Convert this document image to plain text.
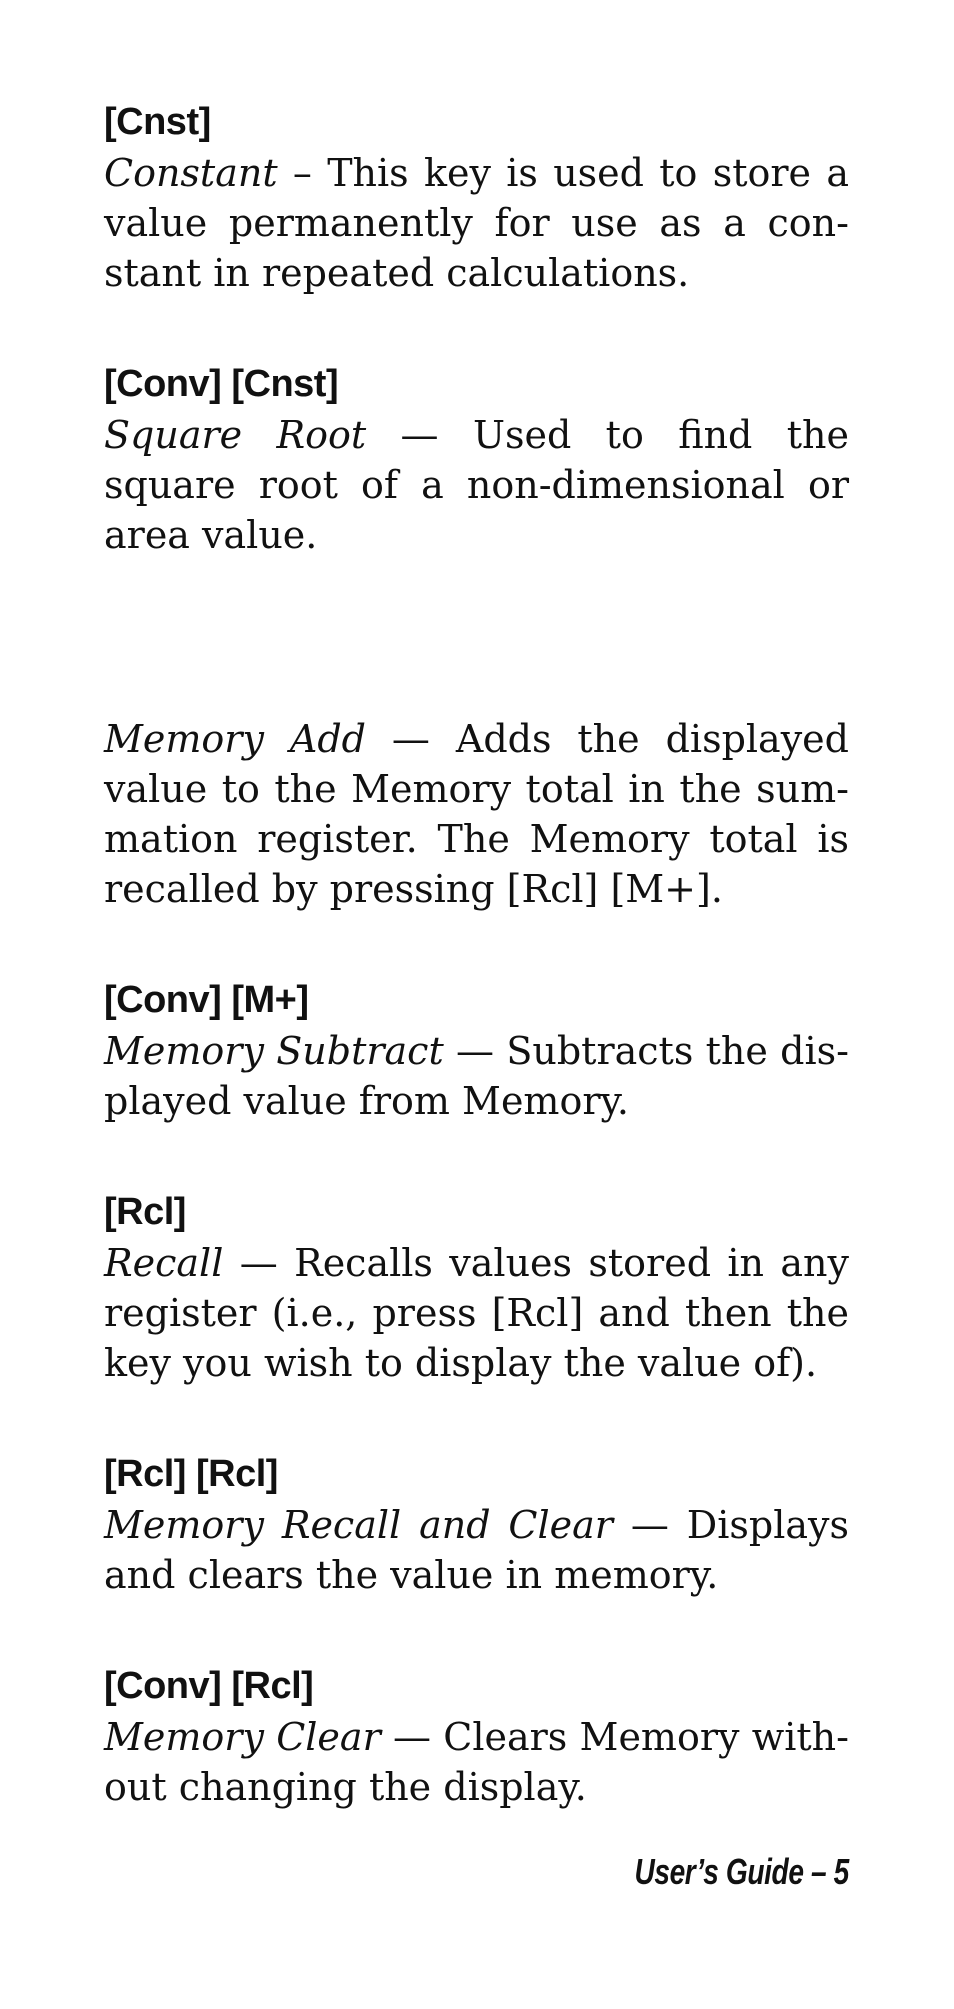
[Cnst]

Constant – This key is used to store a value permanently for use as a constant in repeated calculations.

[Conv] [Cnst]

Square Root — Used to find the square root of a non-dimensional or area value.

Memory Add — Adds the displayed value to the Memory total in the summation register. The Memory total is recalled by pressing [Rcl] [M+].

[Conv] [M+]

Memory Subtract — Subtracts the displayed value from Memory.

[Rcl]

Recall — Recalls values stored in any register (i.e., press [Rcl] and then the key you wish to display the value of).

[Rcl] [Rcl]

Memory Recall and Clear — Displays and clears the value in memory.

[Conv] [Rcl]

Memory Clear — Clears Memory without changing the display.

User’s Guide – 5
